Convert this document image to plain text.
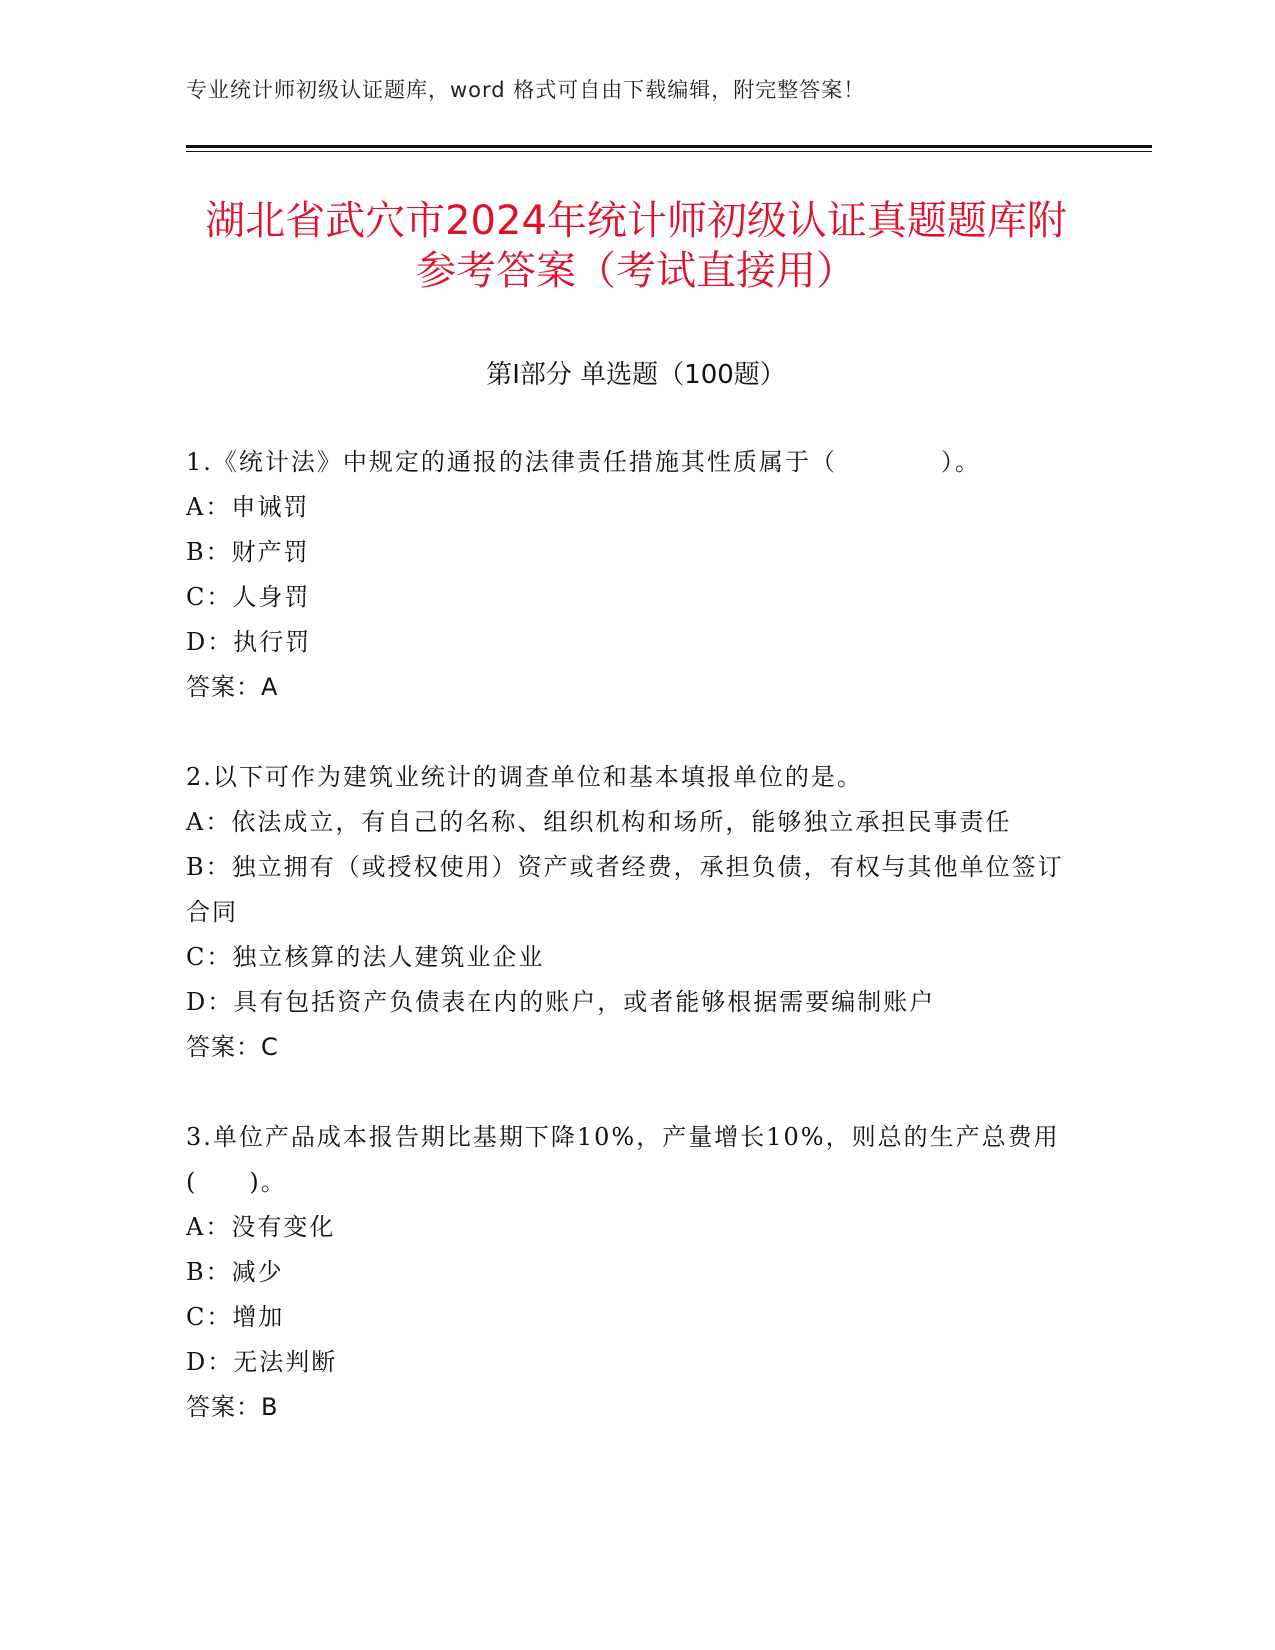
专业统计师初级认证题库，word 格式可自由下载编辑，附完整答案！
湖北省武穴市2024年统计师初级认证真题题库附参考答案（考试直接用）
第Ⅰ部分 单选题（100题）
1.《统计法》中规定的通报的法律责任措施其性质属于（　　　　）。
A：申诫罚
B：财产罚
C：人身罚
D：执行罚
答案：A
2.以下可作为建筑业统计的调查单位和基本填报单位的是。
A：依法成立，有自己的名称、组织机构和场所，能够独立承担民事责任
B：独立拥有（或授权使用）资产或者经费，承担负债，有权与其他单位签订合同
C：独立核算的法人建筑业企业
D：具有包括资产负债表在内的账户，或者能够根据需要编制账户
答案：C
3.单位产品成本报告期比基期下降10%，产量增长10%，则总的生产总费用(　　)。
A：没有变化
B：减少
C：增加
D：无法判断
答案：B
